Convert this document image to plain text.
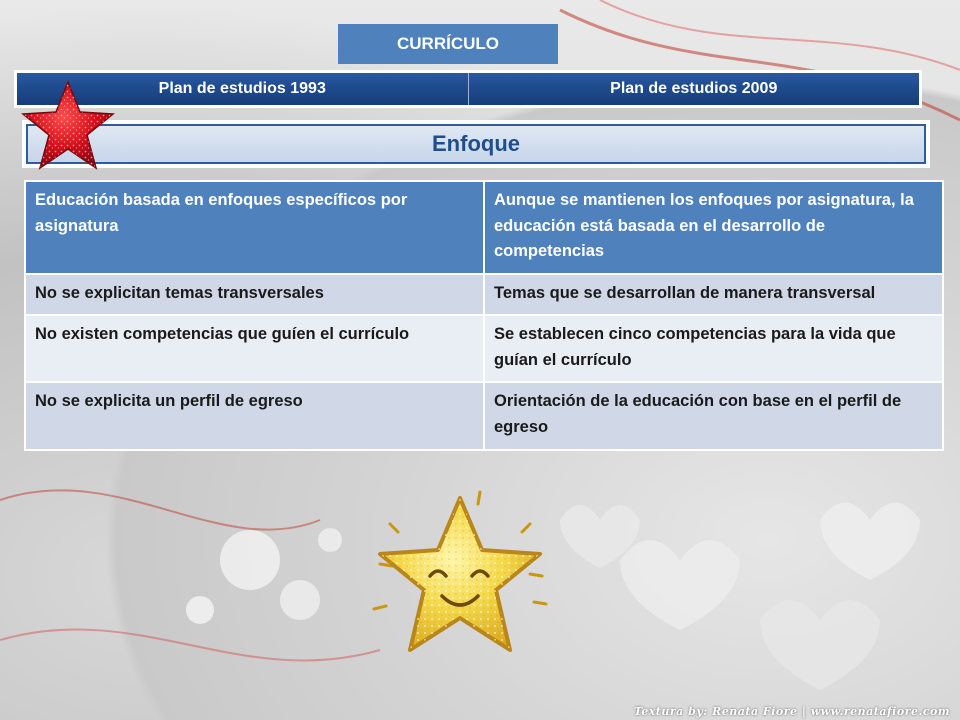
CURRÍCULO
Plan de estudios 1993	Plan de estudios 2009
Enfoque
Educación basada en enfoques específicos por asignatura	Aunque se mantienen los enfoques por asignatura, la educación está basada en el desarrollo de competencias
No se explicitan temas transversales	Temas que se desarrollan de manera transversal
No existen competencias que guíen el currículo	Se establecen cinco competencias para la vida que guían el currículo
No se explicita un perfil de egreso	Orientación de la educación con base en el perfil de egreso
Textura by: Renata Fiore | www.renatafiore.com
